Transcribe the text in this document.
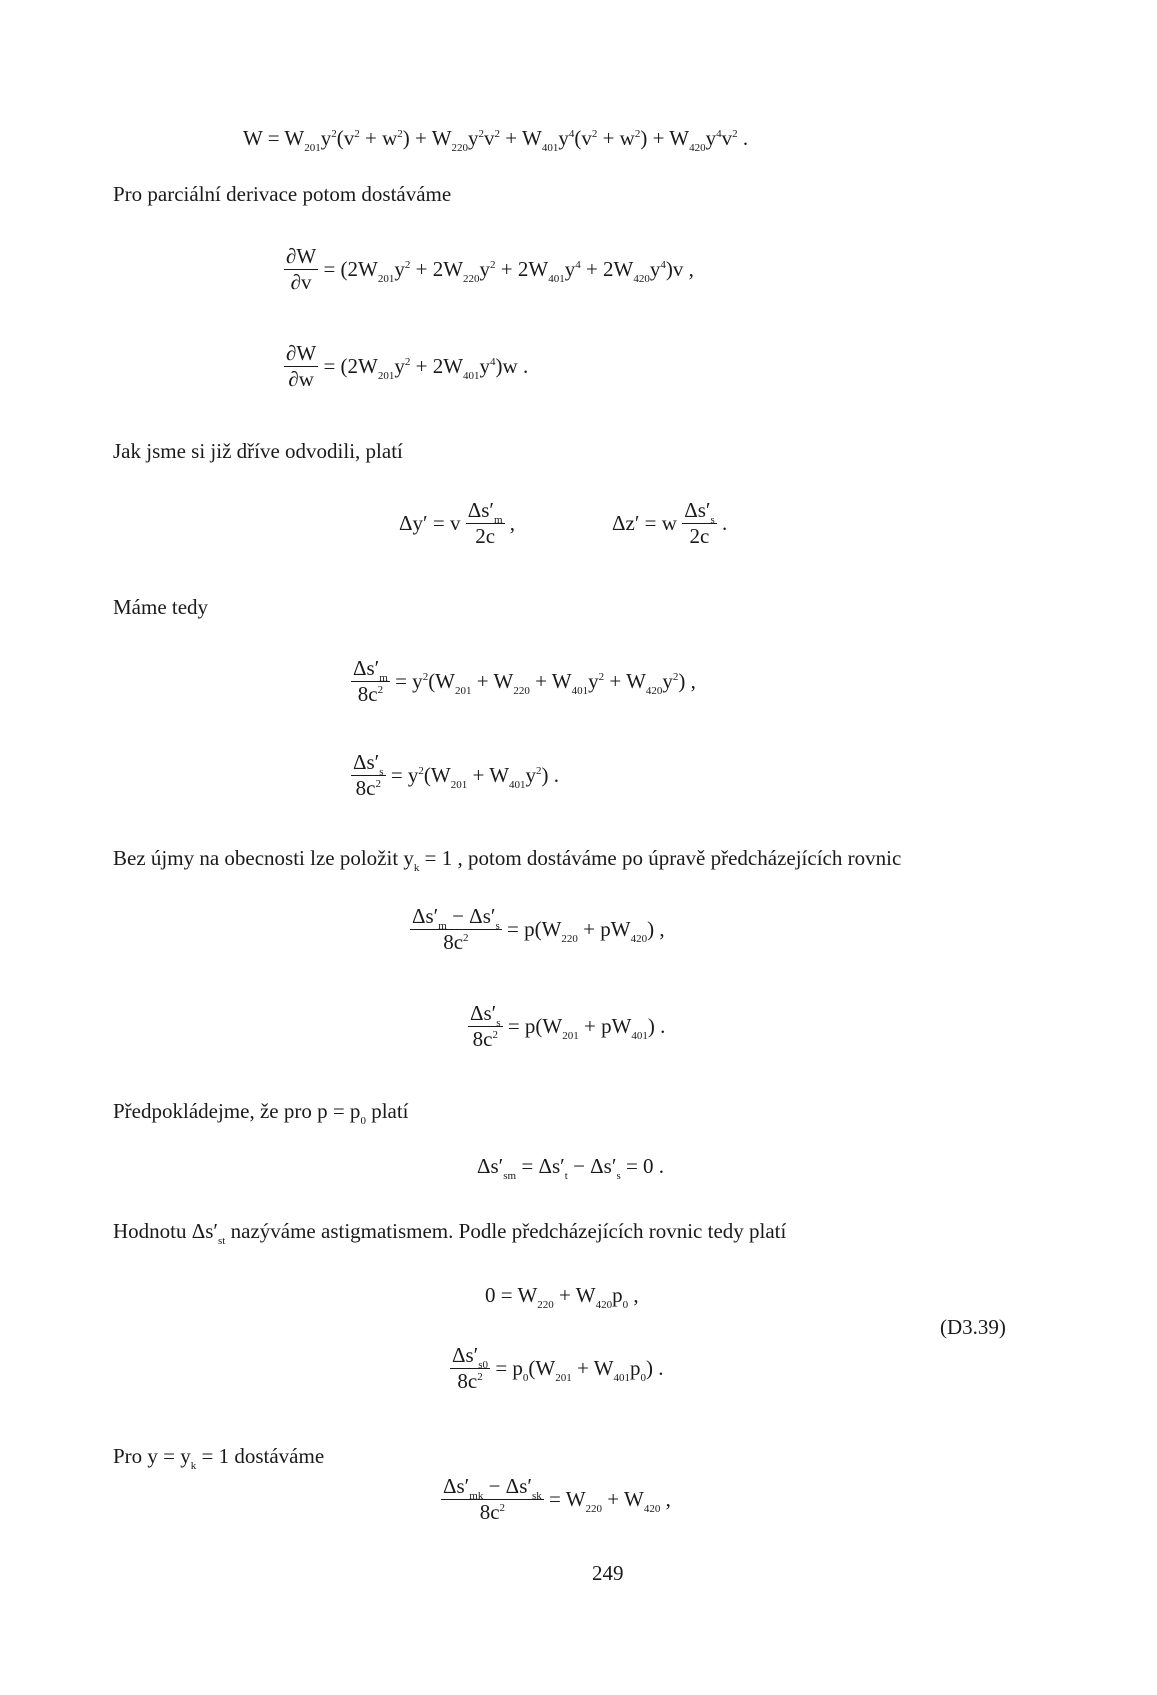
$W = W_{201}y^2(v^2 + w^2) + W_{220}y^2v^2 + W_{401}y^4(v^2 + w^2) + W_{420}y^4v^2$ .
Pro parciální derivace potom dostáváme
$\frac{\partial W}{\partial v} = (2W_{201}y^2 + 2W_{220}y^2 + 2W_{401}y^4 + 2W_{420}y^4)v$ ,
$\frac{\partial W}{\partial w} = (2W_{201}y^2 + 2W_{401}y^4)w$ .
Jak jsme si již dříve odvodili, platí
Δy′ = v $\frac{\Delta s'_m}{2c}$ ,	Δz′ = w $\frac{\Delta s'_s}{2c}$ .
Máme tedy
$\frac{\Delta s'_m}{8c^2} = y^2(W_{201} + W_{220} + W_{401}y^2 + W_{420}y^2)$ ,
$\frac{\Delta s'_s}{8c^2} = y^2(W_{201} + W_{401}y^2)$ .
Bez újmy na obecnosti lze položit $y_k = 1$ , potom dostáváme po úpravě předcházejících rovnic
$\frac{\Delta s'_m - \Delta s'_s}{8c^2} = p(W_{220} + pW_{420})$ ,
$\frac{\Delta s'_s}{8c^2} = p(W_{201} + pW_{401})$ .
Předpokládejme, že pro $p = p_0$ platí
$\Delta s'_{sm} = \Delta s'_t - \Delta s'_s = 0$ .
Hodnotu $\Delta s'_{st}$ nazýváme astigmatismem. Podle předcházejících rovnic tedy platí
$0 = W_{220} + W_{420}p_0$ ,
$\frac{\Delta s'_{s0}}{8c^2} = p_0(W_{201} + W_{401}p_0)$ .
(D3.39)
Pro $y = y_k = 1$ dostáváme
$\frac{\Delta s'_{mk} - \Delta s'_{sk}}{8c^2} = W_{220} + W_{420}$ ,
249
